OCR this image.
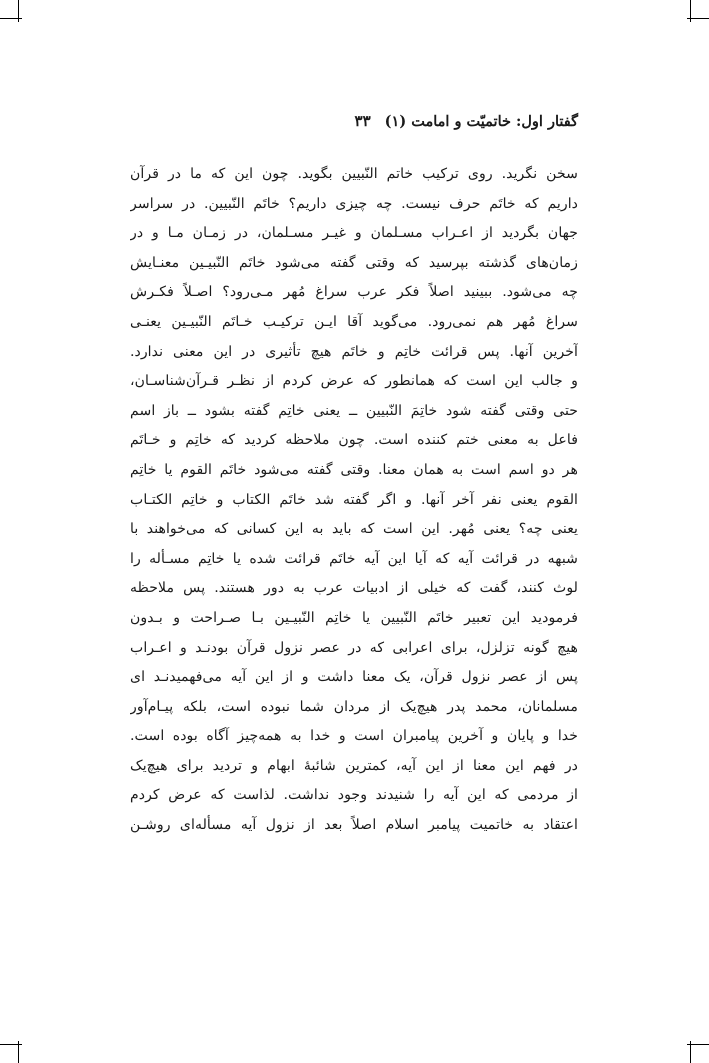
گفتار اول: خاتمیّت و امامت (۱)
۳۳
سخن نگرید. روی ترکیب خاتم النّبیین بگوید. چون این که ما در قرآن
داریم که خاتَم حرف نیست. چه چیزی داریم؟ خاتَم النّبیین. در سراسر
جهان بگردید از اعـراب مسـلمان و غیـر مسـلمان، در زمـان مـا و در
زمان‌های گذشته بپرسید که وقتی گفته می‌شود خاتَم النّبیـین معنـایش
چه می‌شود. ببینید اصلاً فکر عرب سراغ مُهر مـی‌رود؟ اصـلاً فکـرش
سراغ مُهر هم نمی‌رود. می‌گوید آقا ایـن ترکیـب خـاتَم النّبیـین یعنـی
آخرین آنها. پس قرائت خاتِم و خاتَم هیچ تأثیری در این معنی ندارد.
و جالب این است که همانطور که عرض کردم از نظـر قـرآن‌شناسـان،
حتی وقتی گفته شود خاتِمَ النّبیین ــ یعنی خاتِم گفته بشود ــ باز اسم
فاعل به معنی ختم کننده است. چون ملاحظه کردید که خاتِم و خـاتَم
هر دو اسم است به همان معنا. وقتی گفته می‌شود خاتَم القوم یا خاتِم
القوم یعنی نفر آخر آنها. و اگر گفته شد خاتَم الکتاب و خاتِم الکتـاب
یعنی چه؟ یعنی مُهر. این است که باید به این کسانی که می‌خواهند با
شبهه در قرائت آیه که آیا این آیه خاتَم قرائت شده یا خاتِم مسـأله را
لوث کنند، گفت که خیلی از ادبیات عرب به دور هستند. پس ملاحظه
فرمودید این تعبیر خاتَم النّبیین یا خاتِم النّبیـین بـا صـراحت و بـدون
هیچ گونه تزلزل، برای اعرابی که در عصر نزول قرآن بودنـد و اعـراب
پس از عصر نزول قرآن، یک معنا داشت و از این آیه می‌فهمیدنـد ای
مسلمانان، محمد پدر هیچ‌یک از مردان شما نبوده است، بلکه پیـام‌آور
خدا و پایان و آخرین پیامبران است و خدا به همه‌چیز آگاه بوده است.
در فهم این معنا از این آیه، کمترین شائبهٔ ابهام و تردید برای هیچ‌یک
از مردمی که این آیه را شنیدند وجود نداشت. لذاست که عرض کردم
اعتقاد به خاتمیت پیامبر اسلام اصلاً بعد از نزول آیه مسأله‌ای روشـن
